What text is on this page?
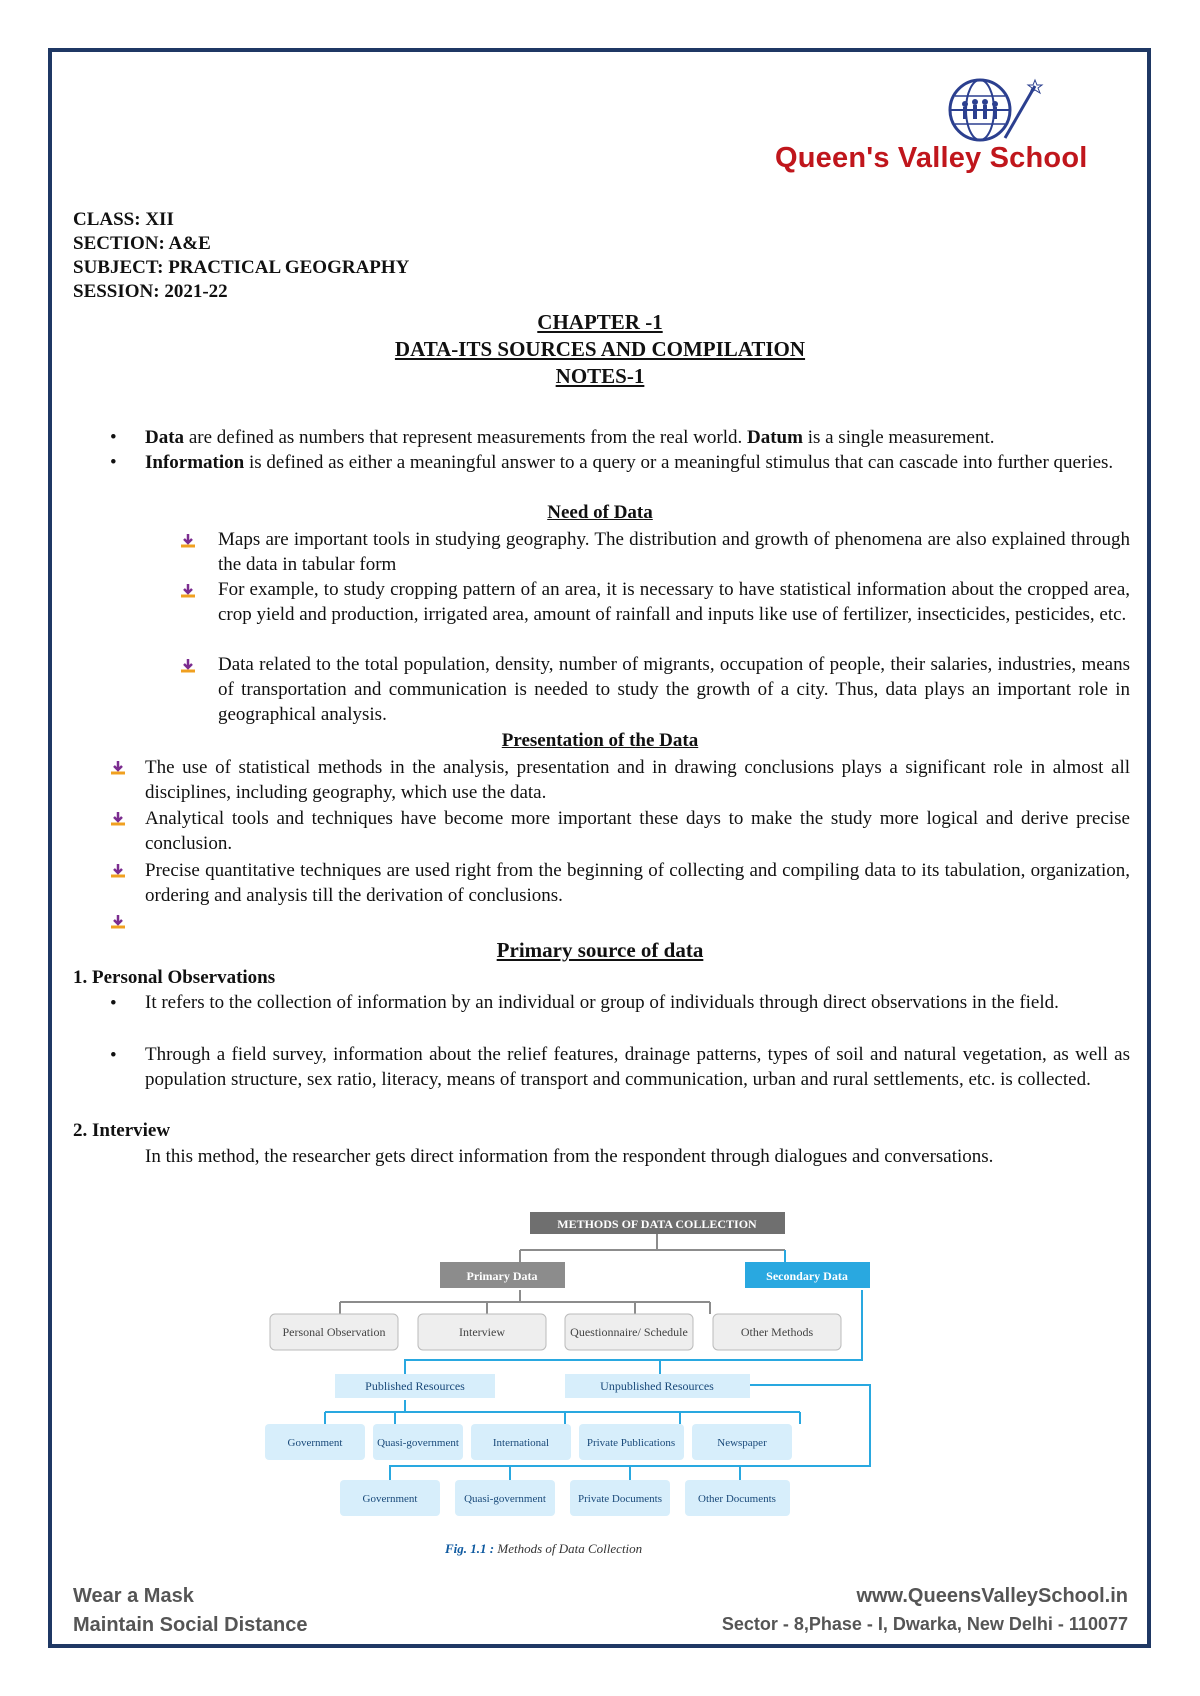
Queen's Valley School
CLASS: XII
SECTION: A&E
SUBJECT: PRACTICAL GEOGRAPHY
SESSION: 2021-22
CHAPTER -1
DATA-ITS SOURCES AND COMPILATION
NOTES-1
• Data are defined as numbers that represent measurements from the real world. Datum is a single measurement.
• Information is defined as either a meaningful answer to a query or a meaningful stimulus that can cascade into further queries.
Need of Data
Maps are important tools in studying geography. The distribution and growth of phenomena are also explained through the data in tabular form
For example, to study cropping pattern of an area, it is necessary to have statistical information about the cropped area, crop yield and production, irrigated area, amount of rainfall and inputs like use of fertilizer, insecticides, pesticides, etc.
Data related to the total population, density, number of migrants, occupation of people, their salaries, industries, means of transportation and communication is needed to study the growth of a city. Thus, data plays an important role in geographical analysis.
Presentation of the Data
The use of statistical methods in the analysis, presentation and in drawing conclusions plays a significant role in almost all disciplines, including geography, which use the data.
Analytical tools and techniques have become more important these days to make the study more logical and derive precise conclusion.
Precise quantitative techniques are used right from the beginning of collecting and compiling data to its tabulation, organization, ordering and analysis till the derivation of conclusions.
Primary source of data
1. Personal Observations
• It refers to the collection of information by an individual or group of individuals through direct observations in the field.
• Through a field survey, information about the relief features, drainage patterns, types of soil and natural vegetation, as well as population structure, sex ratio, literacy, means of transport and communication, urban and rural settlements, etc. is collected.
2. Interview
In this method, the researcher gets direct information from the respondent through dialogues and conversations.
METHODS OF DATA COLLECTION
Primary Data	Secondary Data
Personal Observation	Interview	Questionnaire/ Schedule	Other Methods
Published Resources	Unpublished Resources
Government	Quasi-government	International	Private Publications	Newspaper
Government	Quasi-government	Private Documents	Other Documents
Fig. 1.1 : Methods of Data Collection
Wear a Mask
Maintain Social Distance
www.QueensValleySchool.in
Sector - 8,Phase - I, Dwarka, New Delhi - 110077
